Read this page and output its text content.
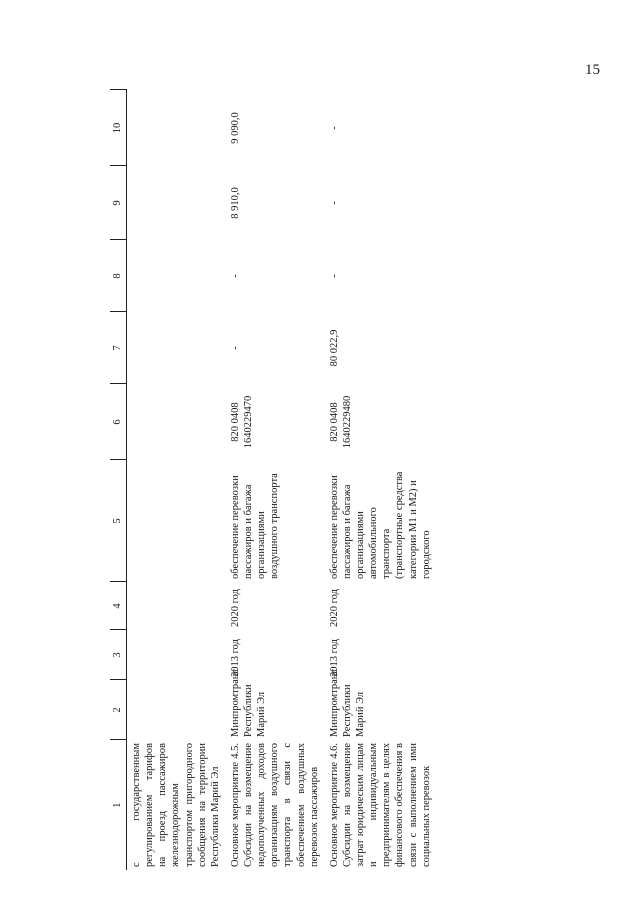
15
1	2	3	4	5	6	7	8	9	10
с государственным регулированием тарифов на проезд пассажиров железнодорожным транспортом пригородного сообщения на территории Республики Марий Эл									
Основное мероприятие 4.5. Субсидии на возмещение недополученных доходов организациям воздушного транспорта в связи с обеспечением воздушных перевозок пассажиров	Минпромтранс Республики Марий Эл	2013 год	2020 год	обеспечение перевозки пассажиров и багажа организациями воздушного транспорта	820 0408 1640229470	-	-	8 910,0	9 090,0
Основное мероприятие 4.6. Субсидии на возмещение затрат юридическим лицам и индивидуальным предпринимателям в целях финансового обеспечения в связи с выполнением ими социальных перевозок	Минпромтранс Республики Марий Эл	2013 год	2020 год	обеспечение перевозки пассажиров и багажа организациями автомобильного транспорта (транспортные средства категории М1 и М2) и городского	820 0408 1640229480	80 022,9	-	-	-
